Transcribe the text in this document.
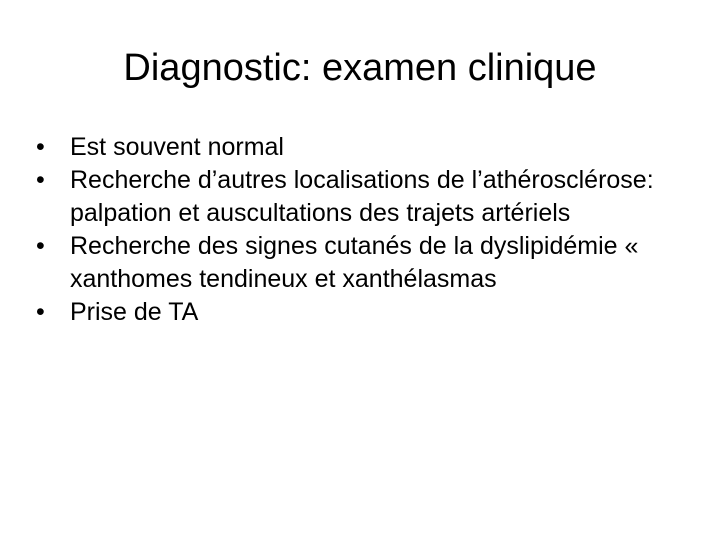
Diagnostic: examen clinique
•	Est souvent normal
•	Recherche d’autres localisations de l’athérosclérose: palpation et auscultations des trajets artériels
•	Recherche des signes cutanés de la dyslipidémie « xanthomes tendineux et xanthélasmas
•	Prise de TA
